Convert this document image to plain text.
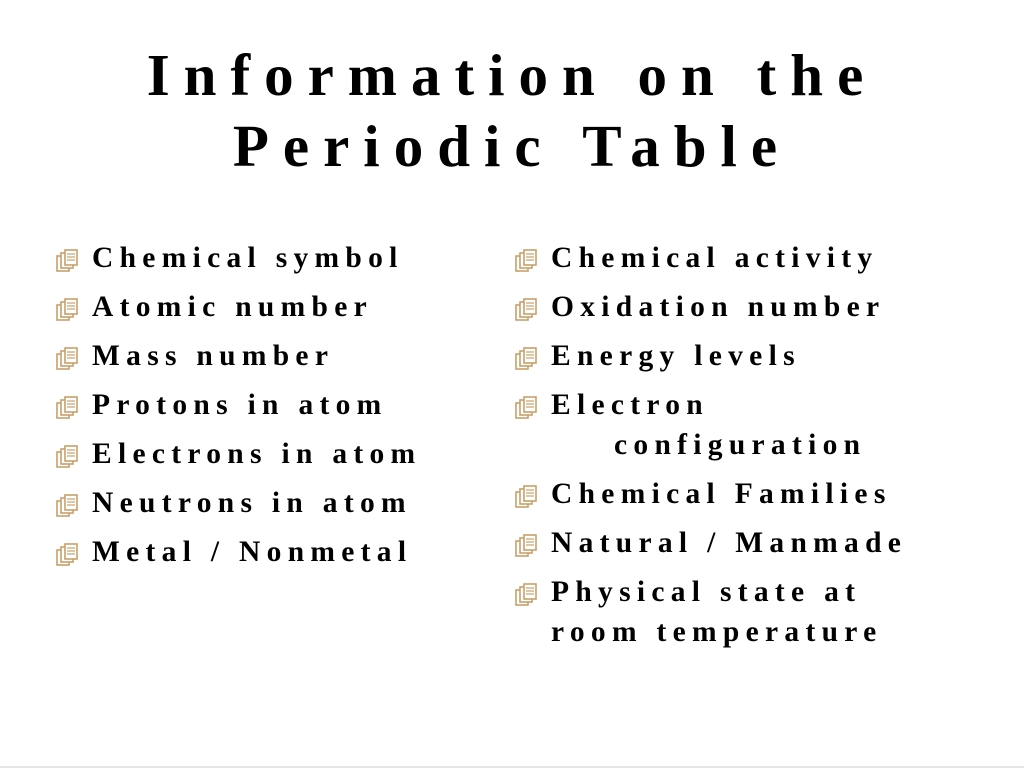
Information on the
Periodic Table
Chemical symbol
Atomic number
Mass number
Protons in atom
Electrons in atom
Neutrons in atom
Metal / Nonmetal
Chemical activity
Oxidation number
Energy levels
Electron
configuration
Chemical Families
Natural / Manmade
Physical state at
room temperature
